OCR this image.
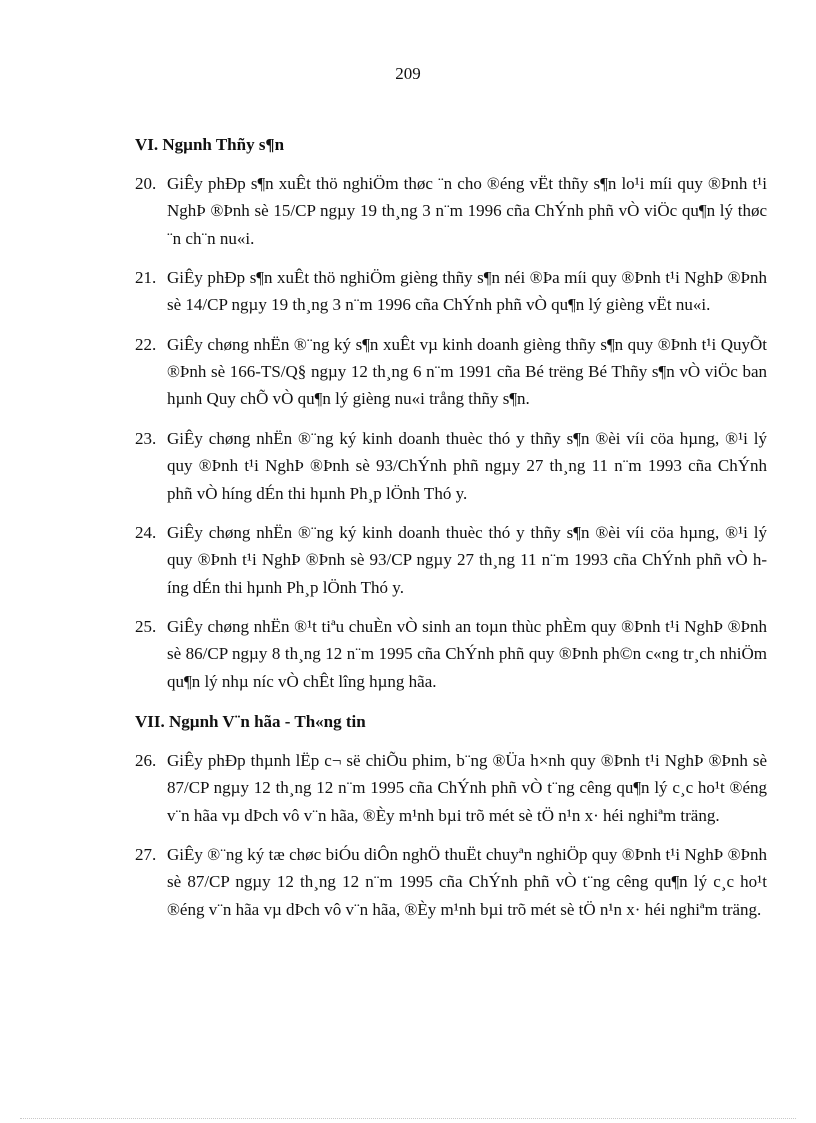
209
VI. Ngµnh Thñy s¶n
20. GiÊy phÐp s¶n xuÊt thö nghiÖm thøc ¨n cho ®éng vËt thñy s¶n lo¹i míi quy ®Þnh t¹i NghÞ ®Þnh sè 15/CP ngµy 19 th¸ng 3 n¨m 1996 cña ChÝnh phñ vÒ viÖc qu¶n lý thøc ¨n ch¨n nu«i.
21. GiÊy phÐp s¶n xuÊt thö nghiÖm gièng thñy s¶n néi ®Þa míi quy ®Þnh t¹i NghÞ ®Þnh sè 14/CP ngµy 19 th¸ng 3 n¨m 1996 cña ChÝnh phñ vÒ qu¶n lý gièng vËt nu«i.
22. GiÊy chøng nhËn ®¨ng ký s¶n xuÊt vµ kinh doanh gièng thñy s¶n quy ®Þnh t¹i QuyÕt ®Þnh sè 166-TS/Q§ ngµy 12 th¸ng 6 n¨m 1991 cña Bé trëng Bé Thñy s¶n vÒ viÖc ban hµnh Quy chÕ vÒ qu¶n lý gièng nu«i trång thñy s¶n.
23. GiÊy chøng nhËn ®¨ng ký kinh doanh thuèc thó y thñy s¶n ®èi víi cöa hµng, ®¹i lý quy ®Þnh t¹i NghÞ ®Þnh sè 93/ChÝnh phñ ngµy 27 th¸ng 11 n¨m 1993 cña ChÝnh phñ vÒ híng dÉn thi hµnh Ph¸p lÖnh Thó y.
24. GiÊy chøng nhËn ®¨ng ký kinh doanh thuèc thó y thñy s¶n ®èi víi cöa hµng, ®¹i lý quy ®Þnh t¹i NghÞ ®Þnh sè 93/CP ngµy 27 th¸ng 11 n¨m 1993 cña ChÝnh phñ vÒ híng dÉn thi hµnh Ph¸p lÖnh Thó y.
25. GiÊy chøng nhËn ®¹t tiªu chuÈn vÒ sinh an toµn thùc phÈm quy ®Þnh t¹i NghÞ ®Þnh sè 86/CP ngµy 8 th¸ng 12 n¨m 1995 cña ChÝnh phñ quy ®Þnh ph©n c«ng tr¸ch nhiÖm qu¶n lý nhµ níc vÒ chÊt lîng hµng hãa.
VII. Ngµnh V¨n hãa - Th«ng tin
26. GiÊy phÐp thµnh lËp c¬ së chiÕu phim, b¨ng ®Üa h×nh quy ®Þnh t¹i NghÞ ®Þnh sè 87/CP ngµy 12 th¸ng 12 n¨m 1995 cña ChÝnh phñ vÒ t¨ng cêng qu¶n lý c¸c ho¹t ®éng v¨n hãa vµ dÞch vô v¨n hãa, ®Èy m¹nh bµi trõ mét sè tÖ n¹n x· héi nghiªm träng.
27. GiÊy ®¨ng ký tæ chøc biÓu diÔn nghÖ thuËt chuyªn nghiÖp quy ®Þnh t¹i NghÞ ®Þnh sè 87/CP ngµy 12 th¸ng 12 n¨m 1995 cña ChÝnh phñ vÒ t¨ng cêng qu¶n lý c¸c ho¹t ®éng v¨n hãa vµ dÞch vô v¨n hãa, ®Èy m¹nh bµi trõ mét sè tÖ n¹n x· héi nghiªm träng.
